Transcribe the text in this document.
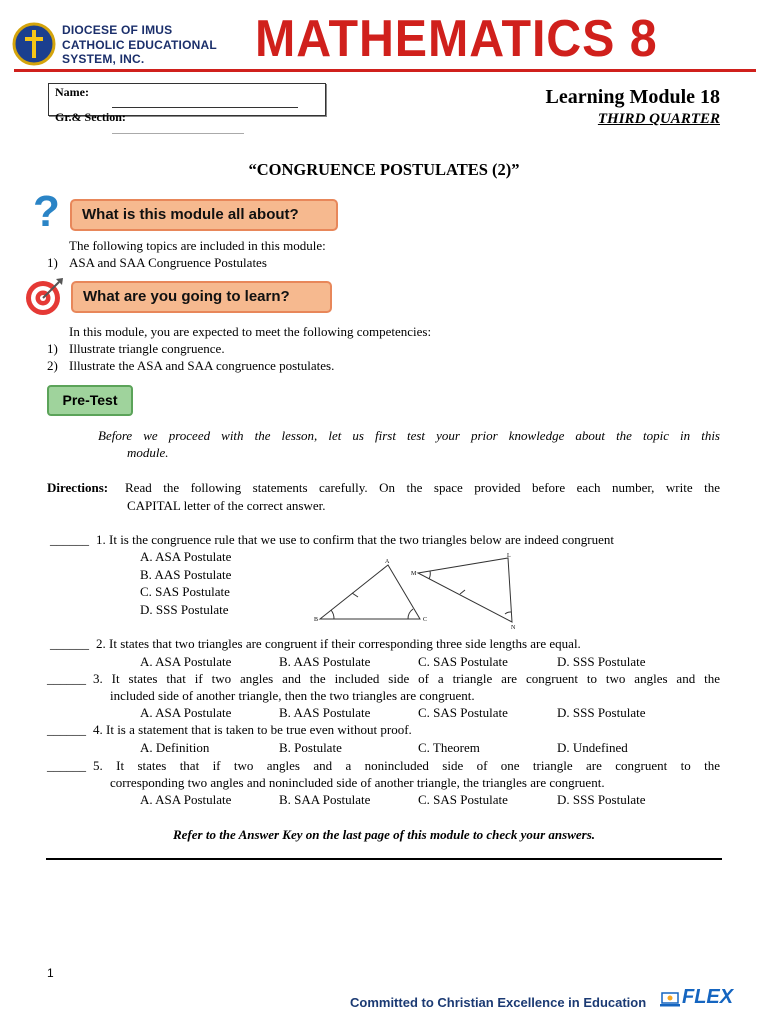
DIOCESE OF IMUS
CATHOLIC EDUCATIONAL
SYSTEM, INC.	MATHEMATICS 8
Name:
Gr.& Section:
Learning Module 18
THIRD QUARTER
“CONGRUENCE POSTULATES (2)”
?	What is this module all about?
The following topics are included in this module:
1) ASA and SAA Congruence Postulates
What are you going to learn?
In this module, you are expected to meet the following competencies:
1) Illustrate triangle congruence.
2) Illustrate the ASA and SAA congruence postulates.
Pre-Test
Before we proceed with the lesson, let us first test your prior knowledge about the topic in this
module.
Directions: Read the following statements carefully. On the space provided before each number, write the
CAPITAL letter of the correct answer.
______ 1. It is the congruence rule that we use to confirm that the two triangles below are indeed congruent
A. ASA Postulate
B. AAS Postulate
C. SAS Postulate
D. SSS Postulate
A
B	C
M
L
N
______ 2. It states that two triangles are congruent if their corresponding three side lengths are equal.
A. ASA Postulate	B. AAS Postulate	C. SAS Postulate	D. SSS Postulate
______ 3. It states that if two angles and the included side of a triangle are congruent to two angles and the
included side of another triangle, then the two triangles are congruent.
A. ASA Postulate	B. AAS Postulate	C. SAS Postulate	D. SSS Postulate
______ 4. It is a statement that is taken to be true even without proof.
A. Definition	B. Postulate	C. Theorem	D. Undefined
______ 5. It states that if two angles and a nonincluded side of one triangle are congruent to the
corresponding two angles and nonincluded side of another triangle, the triangles are congruent.
A. ASA Postulate	B. SAA Postulate	C. SAS Postulate	D. SSS Postulate
Refer to the Answer Key on the last page of this module to check your answers.
1
Committed to Christian Excellence in Education FLEX
